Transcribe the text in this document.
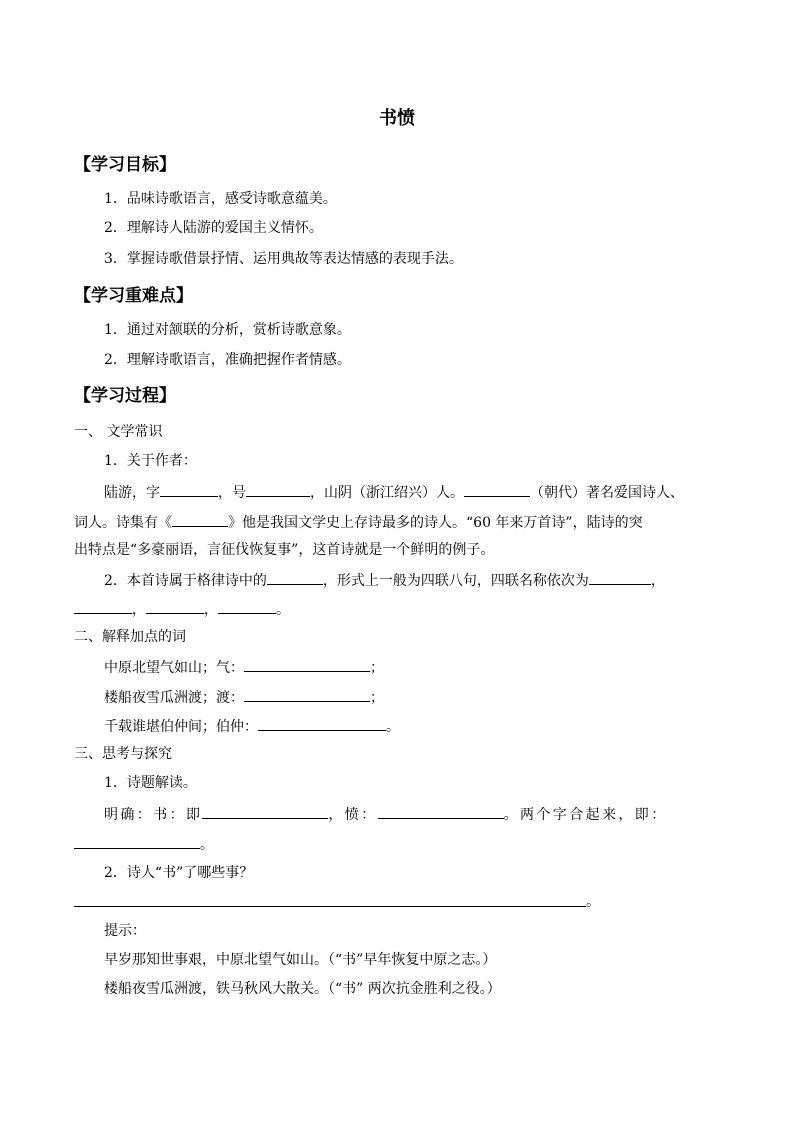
书愤
【学习目标】
1．品味诗歌语言，感受诗歌意蕴美。
2．理解诗人陆游的爱国主义情怀。
3．掌握诗歌借景抒情、运用典故等表达情感的表现手法。
【学习重难点】
1．通过对颔联的分析，赏析诗歌意象。
2．理解诗歌语言，准确把握作者情感。
【学习过程】
一、 文学常识
1．关于作者：
陆游，字	，号	，山阴（浙江绍兴）人。	（朝代）著名爱国诗人、
词人。诗集有《	》他是我国文学史上存诗最多的诗人。“60 年来万首诗”，陆诗的突
出特点是“多豪丽语，言征伐恢复事”，这首诗就是一个鲜明的例子。
2．本首诗属于格律诗中的	，形式上一般为四联八句，四联名称依次为	，
，	，	。
二、解释加点的词
中原北望气如山；气：	；
楼船夜雪瓜洲渡；渡：	；
千载谁堪伯仲间；伯仲：	。
三、思考与探究
1．诗题解读。
明确：书：即	，愤：	。两个字合起来，即：
。
2．诗人“书”了哪些事？
。
提示：
早岁那知世事艰，中原北望气如山。（“书”早年恢复中原之志。）
楼船夜雪瓜洲渡，铁马秋风大散关。（“书” 两次抗金胜利之役。）
